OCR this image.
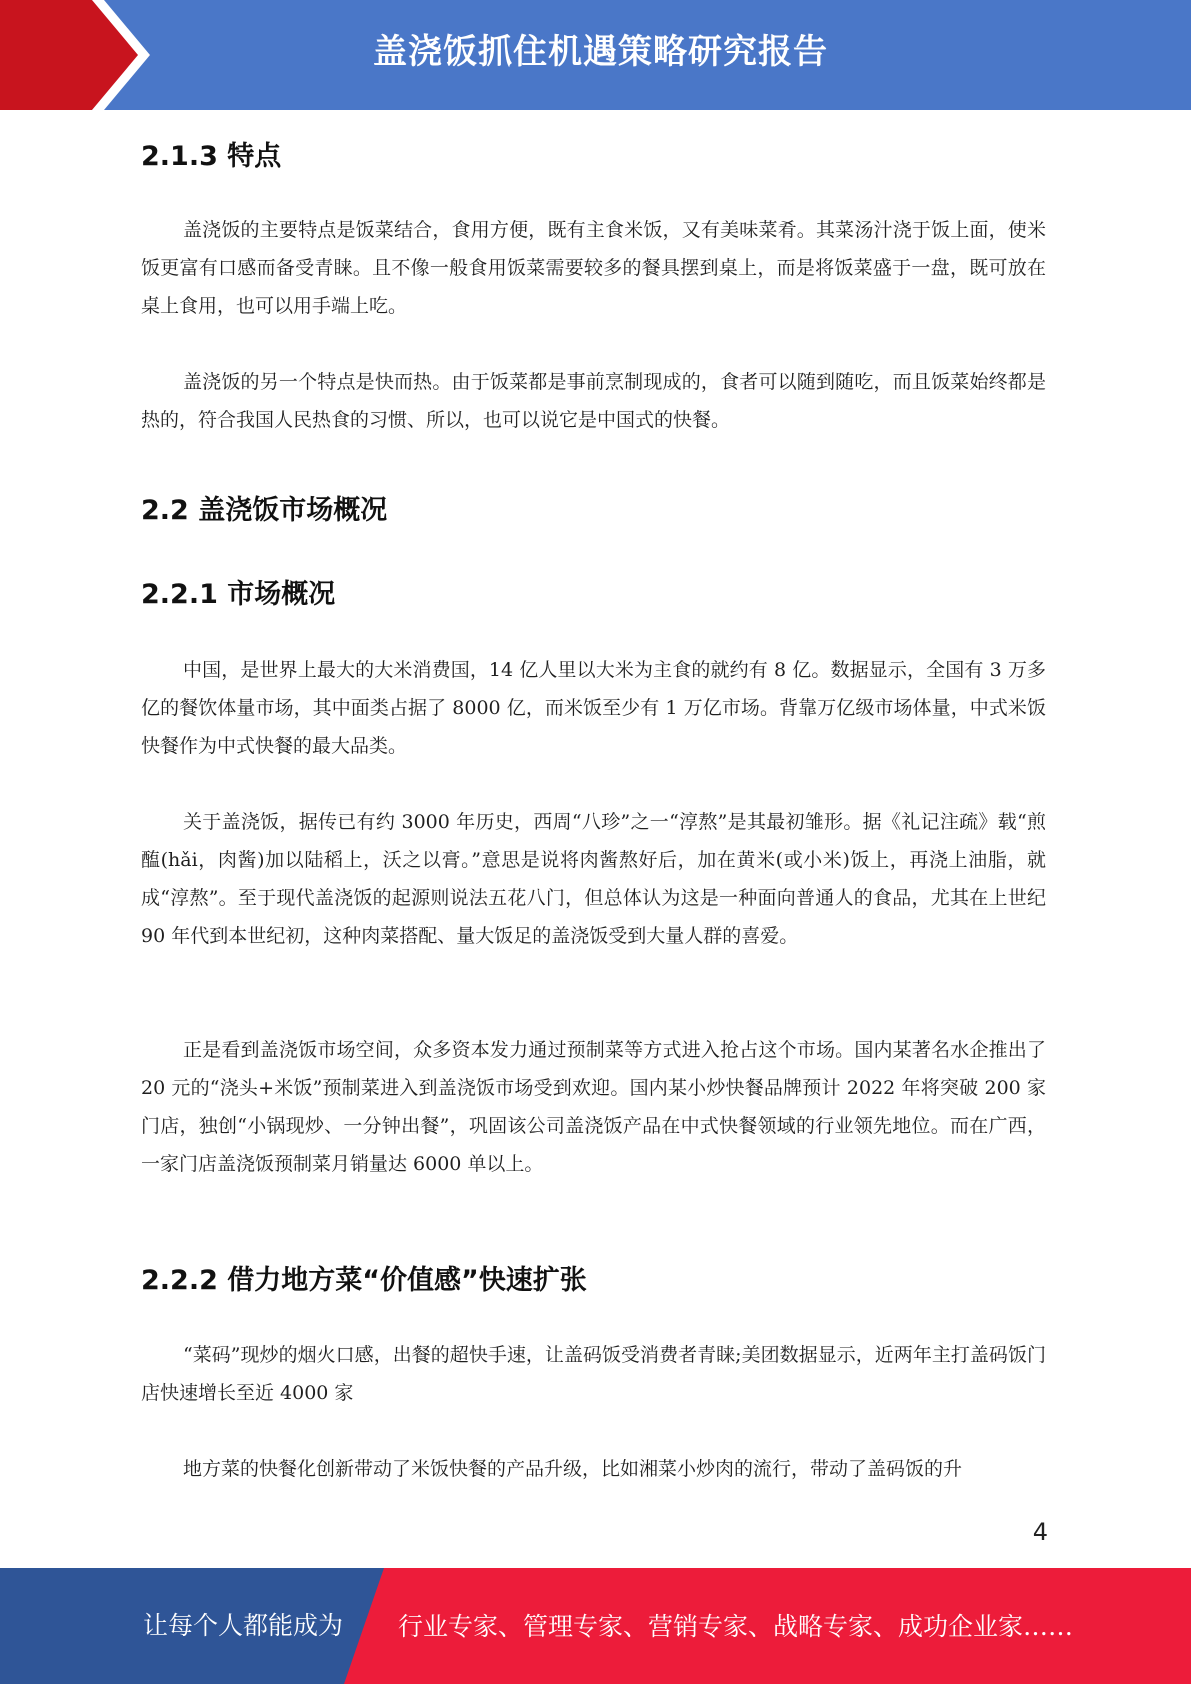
盖浇饭抓住机遇策略研究报告
2.1.3 特点

盖浇饭的主要特点是饭菜结合，食用方便，既有主食米饭，又有美味菜肴。其菜汤汁浇于饭上面，使米饭更富有口感而备受青睐。且不像一般食用饭菜需要较多的餐具摆到桌上，而是将饭菜盛于一盘，既可放在桌上食用，也可以用手端上吃。

盖浇饭的另一个特点是快而热。由于饭菜都是事前烹制现成的，食者可以随到随吃，而且饭菜始终都是热的，符合我国人民热食的习惯、所以，也可以说它是中国式的快餐。

2.2 盖浇饭市场概况
2.2.1 市场概况

中国，是世界上最大的大米消费国，14 亿人里以大米为主食的就约有 8 亿。数据显示，全国有 3 万多亿的餐饮体量市场，其中面类占据了 8000 亿，而米饭至少有 1 万亿市场。背靠万亿级市场体量，中式米饭快餐作为中式快餐的最大品类。

关于盖浇饭，据传已有约 3000 年历史，西周“八珍”之一“淳熬”是其最初雏形。据《礼记注疏》载“煎醢(hǎi，肉酱)加以陆稻上，沃之以膏。”意思是说将肉酱熬好后，加在黄米(或小米)饭上，再浇上油脂，就成“淳熬”。至于现代盖浇饭的起源则说法五花八门，但总体认为这是一种面向普通人的食品，尤其在上世纪 90 年代到本世纪初，这种肉菜搭配、量大饭足的盖浇饭受到大量人群的喜爱。

正是看到盖浇饭市场空间，众多资本发力通过预制菜等方式进入抢占这个市场。国内某著名水企推出了 20 元的“浇头+米饭”预制菜进入到盖浇饭市场受到欢迎。国内某小炒快餐品牌预计 2022 年将突破 200 家门店，独创“小锅现炒、一分钟出餐”，巩固该公司盖浇饭产品在中式快餐领域的行业领先地位。而在广西，一家门店盖浇饭预制菜月销量达 6000 单以上。

2.2.2 借力地方菜“价值感”快速扩张

“菜码”现炒的烟火口感，出餐的超快手速，让盖码饭受消费者青睐;美团数据显示，近两年主打盖码饭门店快速增长至近 4000 家

地方菜的快餐化创新带动了米饭快餐的产品升级，比如湘菜小炒肉的流行，带动了盖码饭的升

4
让每个人都能成为 行业专家、管理专家、营销专家、战略专家、成功企业家……
